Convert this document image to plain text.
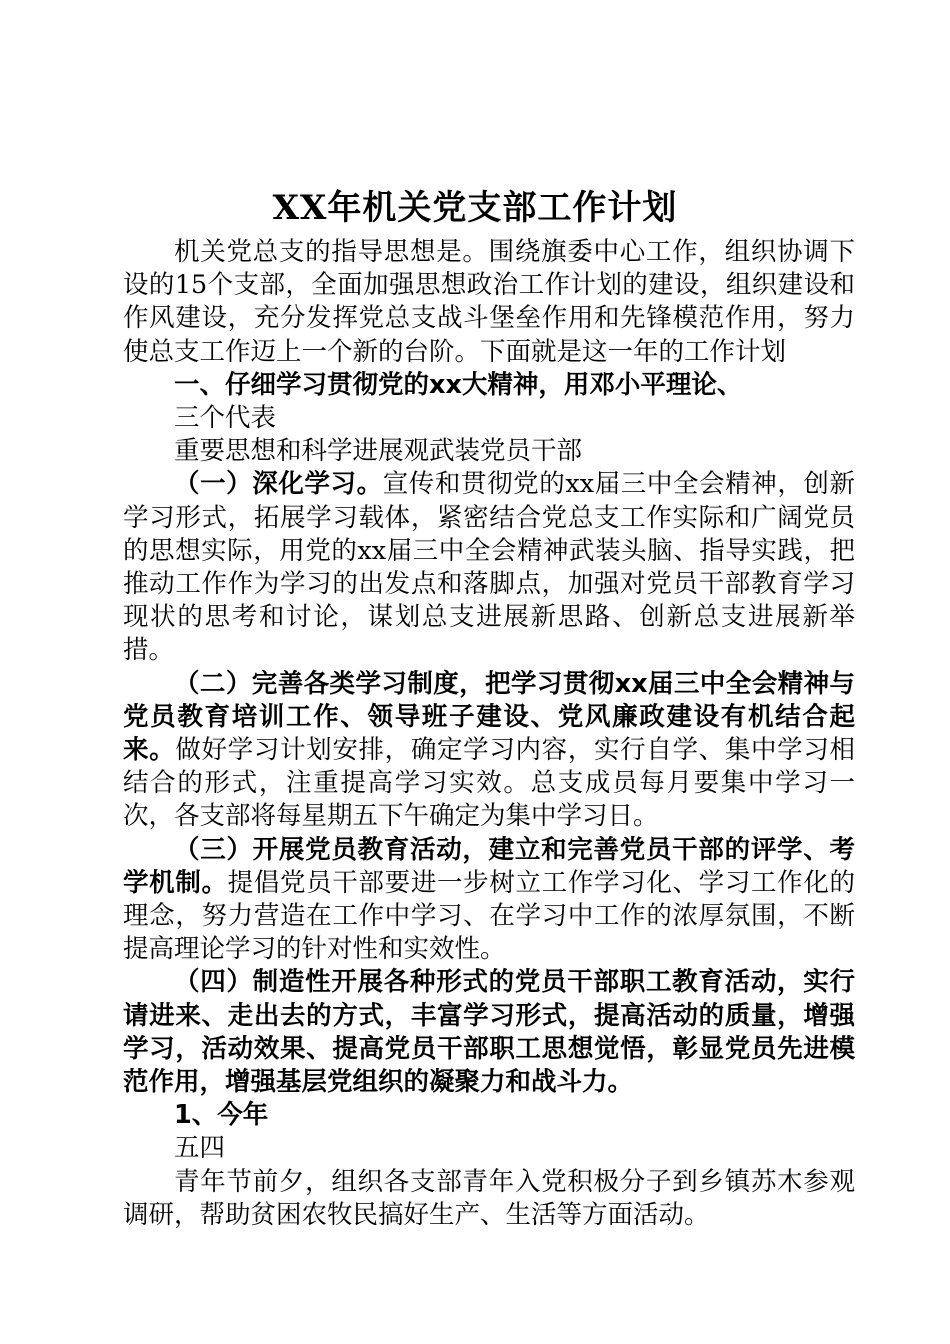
XX年机关党支部工作计划

机关党总支的指导思想是。围绕旗委中心工作，组织协调下设的15个支部，全面加强思想政治工作计划的建设，组织建设和作风建设，充分发挥党总支战斗堡垒作用和先锋模范作用，努力使总支工作迈上一个新的台阶。下面就是这一年的工作计划

一、仔细学习贯彻党的xx大精神，用邓小平理论、

三个代表

重要思想和科学进展观武装党员干部

（一）深化学习。宣传和贯彻党的xx届三中全会精神，创新学习形式，拓展学习载体，紧密结合党总支工作实际和广阔党员的思想实际，用党的xx届三中全会精神武装头脑、指导实践，把推动工作作为学习的出发点和落脚点，加强对党员干部教育学习现状的思考和讨论，谋划总支进展新思路、创新总支进展新举措。

（二）完善各类学习制度，把学习贯彻xx届三中全会精神与党员教育培训工作、领导班子建设、党风廉政建设有机结合起来。做好学习计划安排，确定学习内容，实行自学、集中学习相结合的形式，注重提高学习实效。总支成员每月要集中学习一次，各支部将每星期五下午确定为集中学习日。

（三）开展党员教育活动，建立和完善党员干部的评学、考学机制。提倡党员干部要进一步树立工作学习化、学习工作化的理念，努力营造在工作中学习、在学习中工作的浓厚氛围，不断提高理论学习的针对性和实效性。

（四）制造性开展各种形式的党员干部职工教育活动，实行请进来、走出去的方式，丰富学习形式，提高活动的质量，增强学习，活动效果、提高党员干部职工思想觉悟，彰显党员先进模范作用，增强基层党组织的凝聚力和战斗力。

1、今年

五四

青年节前夕，组织各支部青年入党积极分子到乡镇苏木参观调研，帮助贫困农牧民搞好生产、生活等方面活动。
